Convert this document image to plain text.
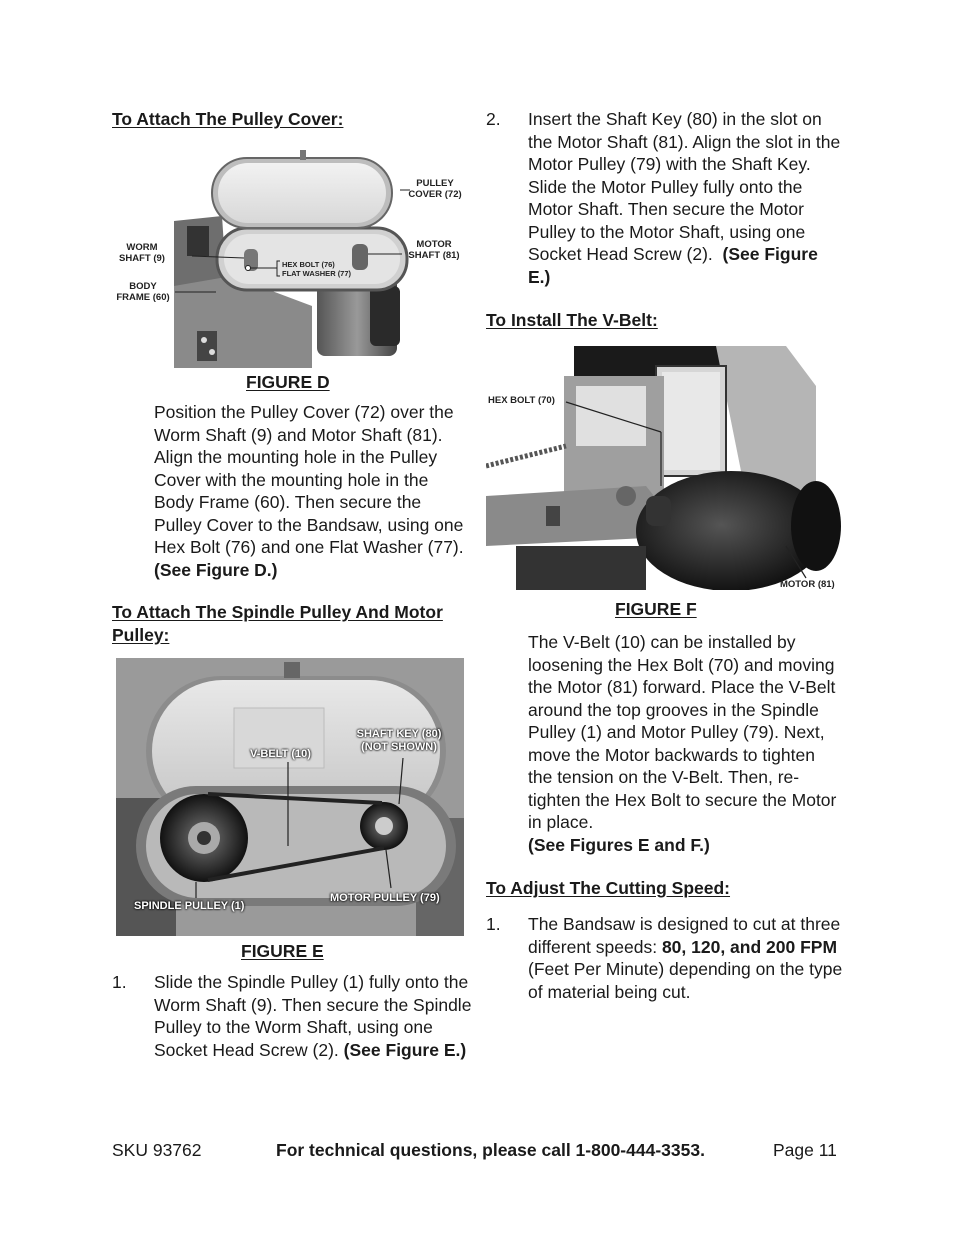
To Attach The Pulley Cover:
PULLEY
COVER (72)
WORM
SHAFT (9)
MOTOR
SHAFT (81)
HEX BOLT (76)
FLAT WASHER (77)
BODY
FRAME (60)
FIGURE D
Position the Pulley Cover (72) over the Worm Shaft (9) and Motor Shaft (81). Align the mounting hole in the Pulley Cover with the mounting hole in the Body Frame (60). Then secure the Pulley Cover to the Bandsaw, using one Hex Bolt (76) and one Flat Washer (77).  (See Figure D.)
To Attach The Spindle Pulley And Motor
Pulley:
V-BELT (10)
SHAFT KEY (80)
(NOT SHOWN)
SPINDLE PULLEY (1)
MOTOR PULLEY (79)
FIGURE E
1. Slide the Spindle Pulley (1) fully onto the Worm Shaft (9). Then secure the Spindle Pulley to the Worm Shaft, using one Socket Head Screw (2). (See Figure E.)
2. Insert the Shaft Key (80) in the slot on the Motor Shaft (81). Align the slot in the Motor Pulley (79) with the Shaft Key. Slide the Motor Pulley fully onto the Motor Shaft. Then secure the Motor Pulley to the Motor Shaft, using one Socket Head Screw (2). (See Figure E.)
To Install The V-Belt:
HEX BOLT (70)
MOTOR (81)
FIGURE F
The V-Belt (10) can be installed by loosening the Hex Bolt (70) and moving the Motor (81) forward. Place the V-Belt around the top grooves in the Spindle Pulley (1) and Motor Pulley (79). Next, move the Motor backwards to tighten the tension on the V-Belt. Then, re-tighten the Hex Bolt to secure the Motor in place.
(See Figures E and F.)
To Adjust The Cutting Speed:
1. The Bandsaw is designed to cut at three different speeds: 80, 120, and 200 FPM (Feet Per Minute) depending on the type of material being cut.
SKU 93762	For technical questions, please call 1-800-444-3353.	Page 11
